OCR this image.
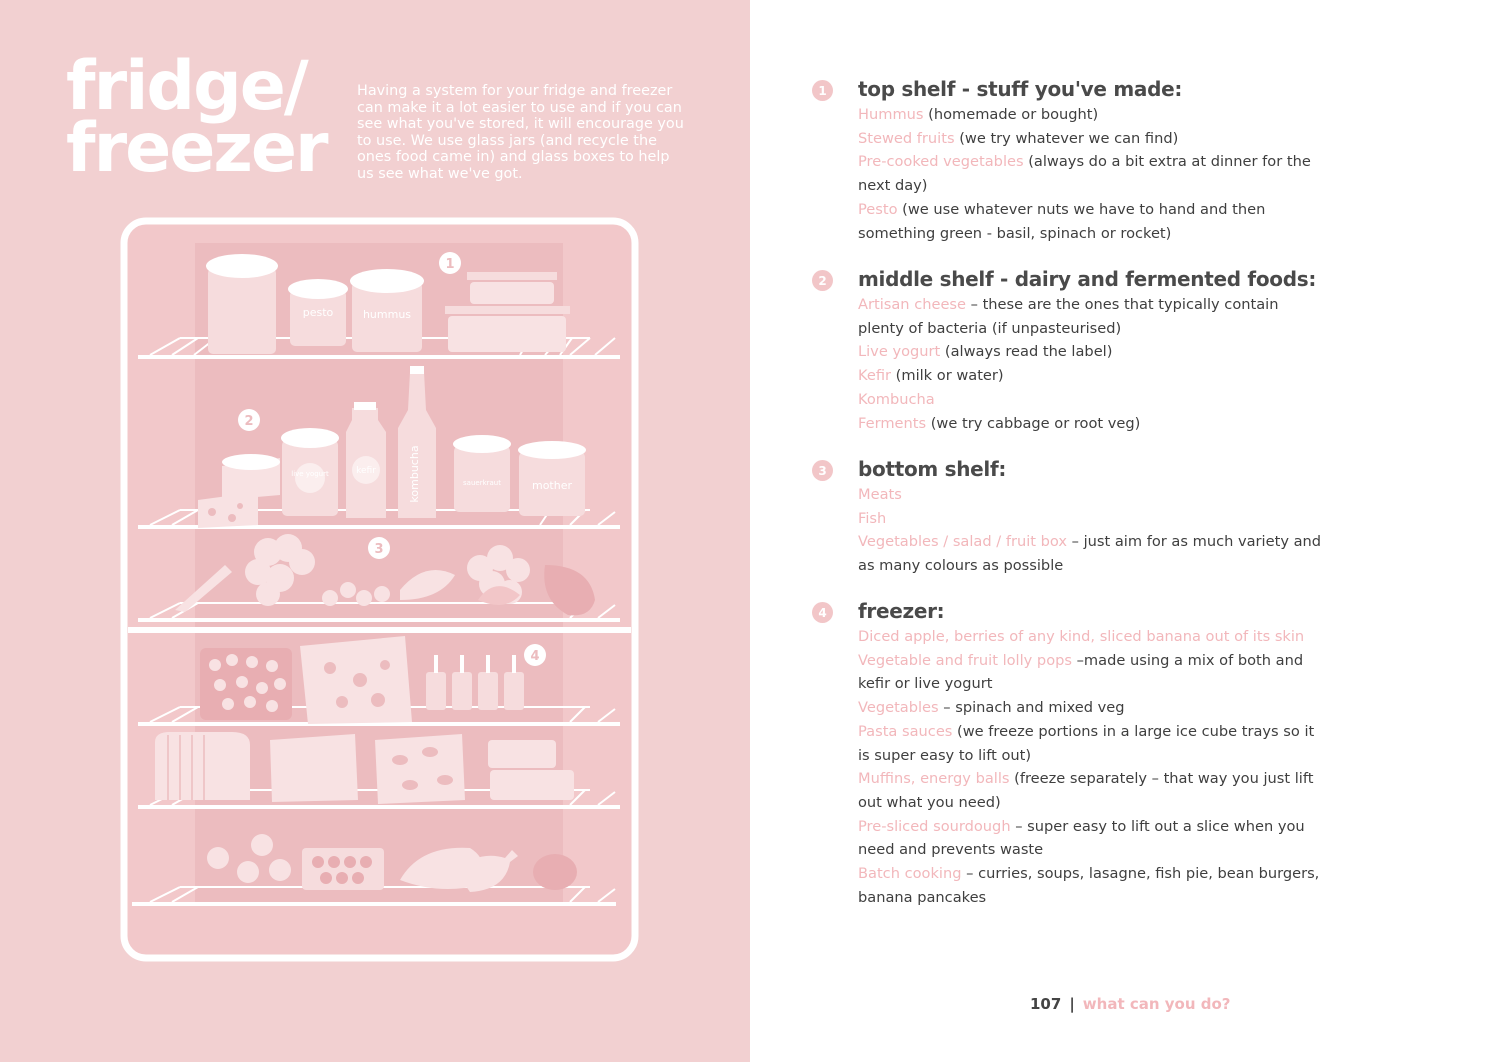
fridge/
freezer
Having a system for your fridge and freezer can make it a lot easier to use and if you can see what you've stored, it will encourage you to use. We use glass jars (and recycle the ones food came in) and glass boxes to help us see what we've got.
pesto	hummus
live yogurt	kefir	kombucha	sauerkraut	mother
1
2
3
4
1	top shelf - stuff you've made:
Hummus (homemade or bought)
Stewed fruits (we try whatever we can find)
Pre-cooked vegetables (always do a bit extra at dinner for the next day)
Pesto (we use whatever nuts we have to hand and then something green - basil, spinach or rocket)
2	middle shelf - dairy and fermented foods:
Artisan cheese – these are the ones that typically contain plenty of bacteria (if unpasteurised)
Live yogurt (always read the label)
Kefir (milk or water)
Kombucha
Ferments (we try cabbage or root veg)
3	bottom shelf:
Meats
Fish
Vegetables / salad / fruit box – just aim for as much variety and as many colours as possible
4	freezer:
Diced apple, berries of any kind, sliced banana out of its skin
Vegetable and fruit lolly pops –made using a mix of both and kefir or live yogurt
Vegetables – spinach and mixed veg
Pasta sauces (we freeze portions in a large ice cube trays so it is super easy to lift out)
Muffins, energy balls (freeze separately – that way you just lift out what you need)
Pre-sliced sourdough – super easy to lift out a slice when you need and prevents waste
Batch cooking – curries, soups, lasagne, fish pie, bean burgers, banana pancakes
107 | what can you do?
